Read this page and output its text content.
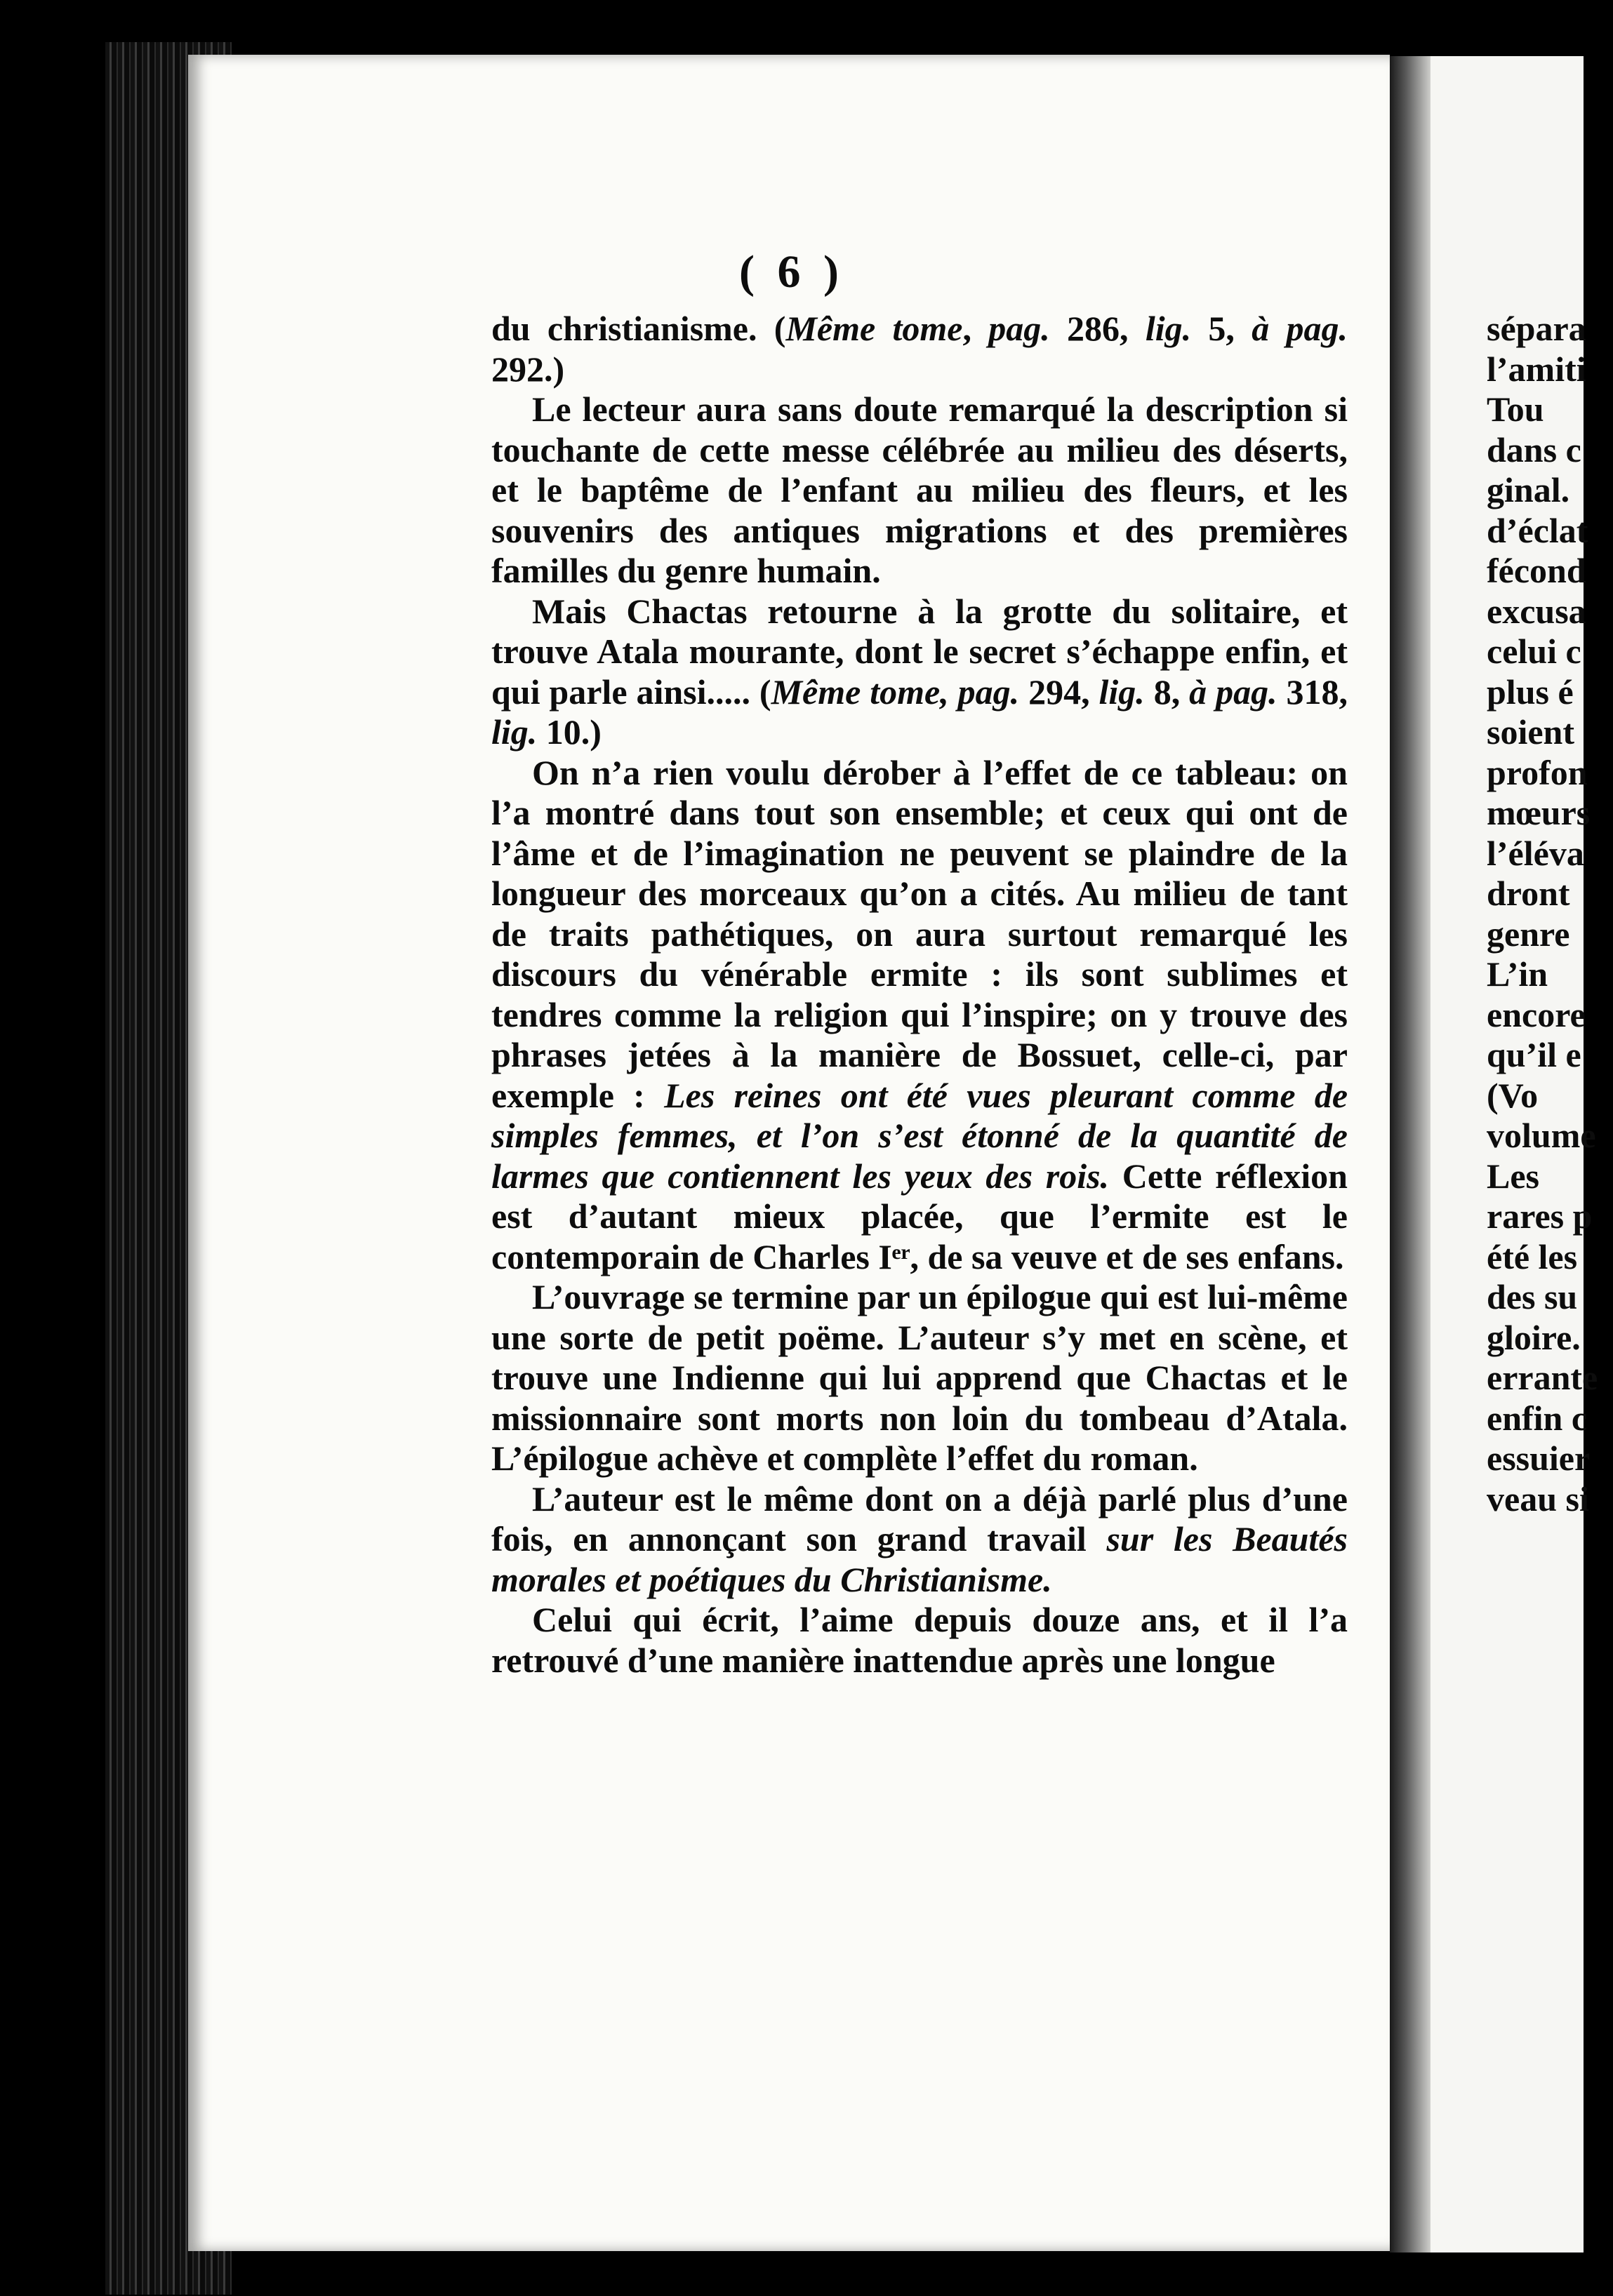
( 6 )

du christianisme. (Même tome, pag. 286, lig. 5, à pag. 292.)

Le lecteur aura sans doute remarqué la description si touchante de cette messe célébrée au milieu des déserts, et le baptême de l’enfant au milieu des fleurs, et les souvenirs des antiques migrations et des premières familles du genre humain.

Mais Chactas retourne à la grotte du solitaire, et trouve Atala mourante, dont le secret s’échappe enfin, et qui parle ainsi..... (Même tome, pag. 294, lig. 8, à pag. 318, lig. 10.)

On n’a rien voulu dérober à l’effet de ce tableau: on l’a montré dans tout son ensemble; et ceux qui ont de l’âme et de l’imagination ne peuvent se plaindre de la longueur des morceaux qu’on a cités. Au milieu de tant de traits pathétiques, on aura surtout remarqué les discours du vénérable ermite : ils sont sublimes et tendres comme la religion qui l’inspire; on y trouve des phrases jetées à la manière de Bossuet, celle-ci, par exemple : Les reines ont été vues pleurant comme de simples femmes, et l’on s’est étonné de la quantité de larmes que contiennent les yeux des rois. Cette réflexion est d’autant mieux placée, que l’ermite est le contemporain de Charles Iᵉʳ, de sa veuve et de ses enfans.

L’ouvrage se termine par un épilogue qui est lui-même une sorte de petit poëme. L’auteur s’y met en scène, et trouve une Indienne qui lui apprend que Chactas et le missionnaire sont morts non loin du tombeau d’Atala. L’épilogue achève et complète l’effet du roman.

L’auteur est le même dont on a déjà parlé plus d’une fois, en annonçant son grand travail sur les Beautés morales et poétiques du Christianisme.

Celui qui écrit, l’aime depuis douze ans, et il l’a retrouvé d’une manière inattendue après une longue

sépara
l’amiti
Tou
dans c
ginal.
d’éclat
fécond
excusa
celui c
plus é
soient
profon
mœurs
l’éléva
dront
genre
L’in
encore
qu’il e
(Vo
volume
Les
rares p
été les
des su
gloire.
errante
enfin c
essuier
veau si
